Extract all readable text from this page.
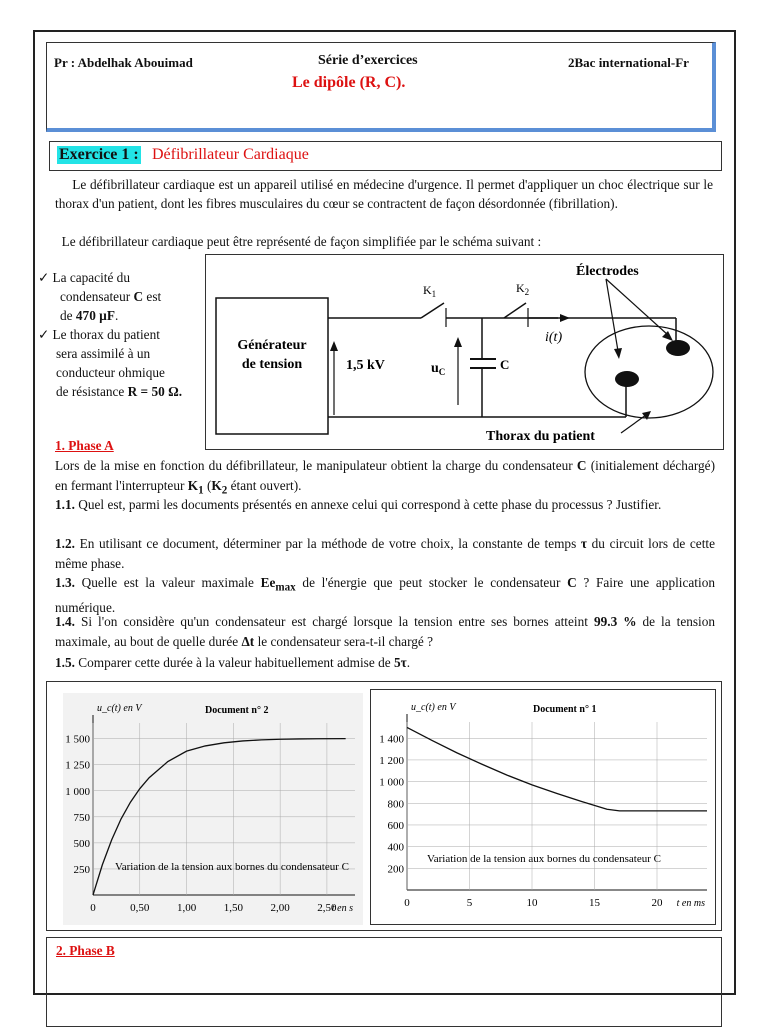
Pr : Abdelhak Abouimad	Série d’exercices	2Bac international-Fr
Le dipôle (R, C).
Exercice 1 : Défibrillateur Cardiaque
Le défibrillateur cardiaque est un appareil utilisé en médecine d'urgence. Il permet d'appliquer un choc électrique sur le thorax d'un patient, dont les fibres musculaires du cœur se contractent de façon désordonnée (fibrillation).
Le défibrillateur cardiaque peut être représenté de façon simplifiée par le schéma suivant :
✓ La capacité du
condensateur C est
de 470 µF.
✓ Le thorax du patient
sera assimilé à un
conducteur ohmique
de résistance R = 50 Ω.
Générateur
de tension	1,5 kV
$K_1$	$K_2$
C
$u_C$
i(t)
Électrodes
Thorax du patient
1. Phase A
Lors de la mise en fonction du défibrillateur, le manipulateur obtient la charge du condensateur C (initialement déchargé) en fermant l'interrupteur $K_1$ ($K_2$ étant ouvert).
1.1. Quel est, parmi les documents présentés en annexe celui qui correspond à cette phase du processus ? Justifier.
1.2. En utilisant ce document, déterminer par la méthode de votre choix, la constante de temps τ du circuit lors de cette même phase.
1.3. Quelle est la valeur maximale $Ee_{max}$ de l'énergie que peut stocker le condensateur C ? Faire une application numérique.
1.4. Si l'on considère qu'un condensateur est chargé lorsque la tension entre ses bornes atteint 99.3 % de la tension maximale, au bout de quelle durée Δt le condensateur sera-t-il chargé ?
1.5. Comparer cette durée à la valeur habituellement admise de 5τ.
250
500
750
1 000
1 250
1 500
0	0,50	1,00	1,50	2,00	2,50
u_c(t) en V
t en s
Document n° 2
Variation de la tension aux bornes du condensateur C	200
400
600
800
1 000
1 200
1 400
0	5	10	15	20
u_c(t) en V
t en ms
Document n° 1
Variation de la tension aux bornes du condensateur C
2. Phase B
